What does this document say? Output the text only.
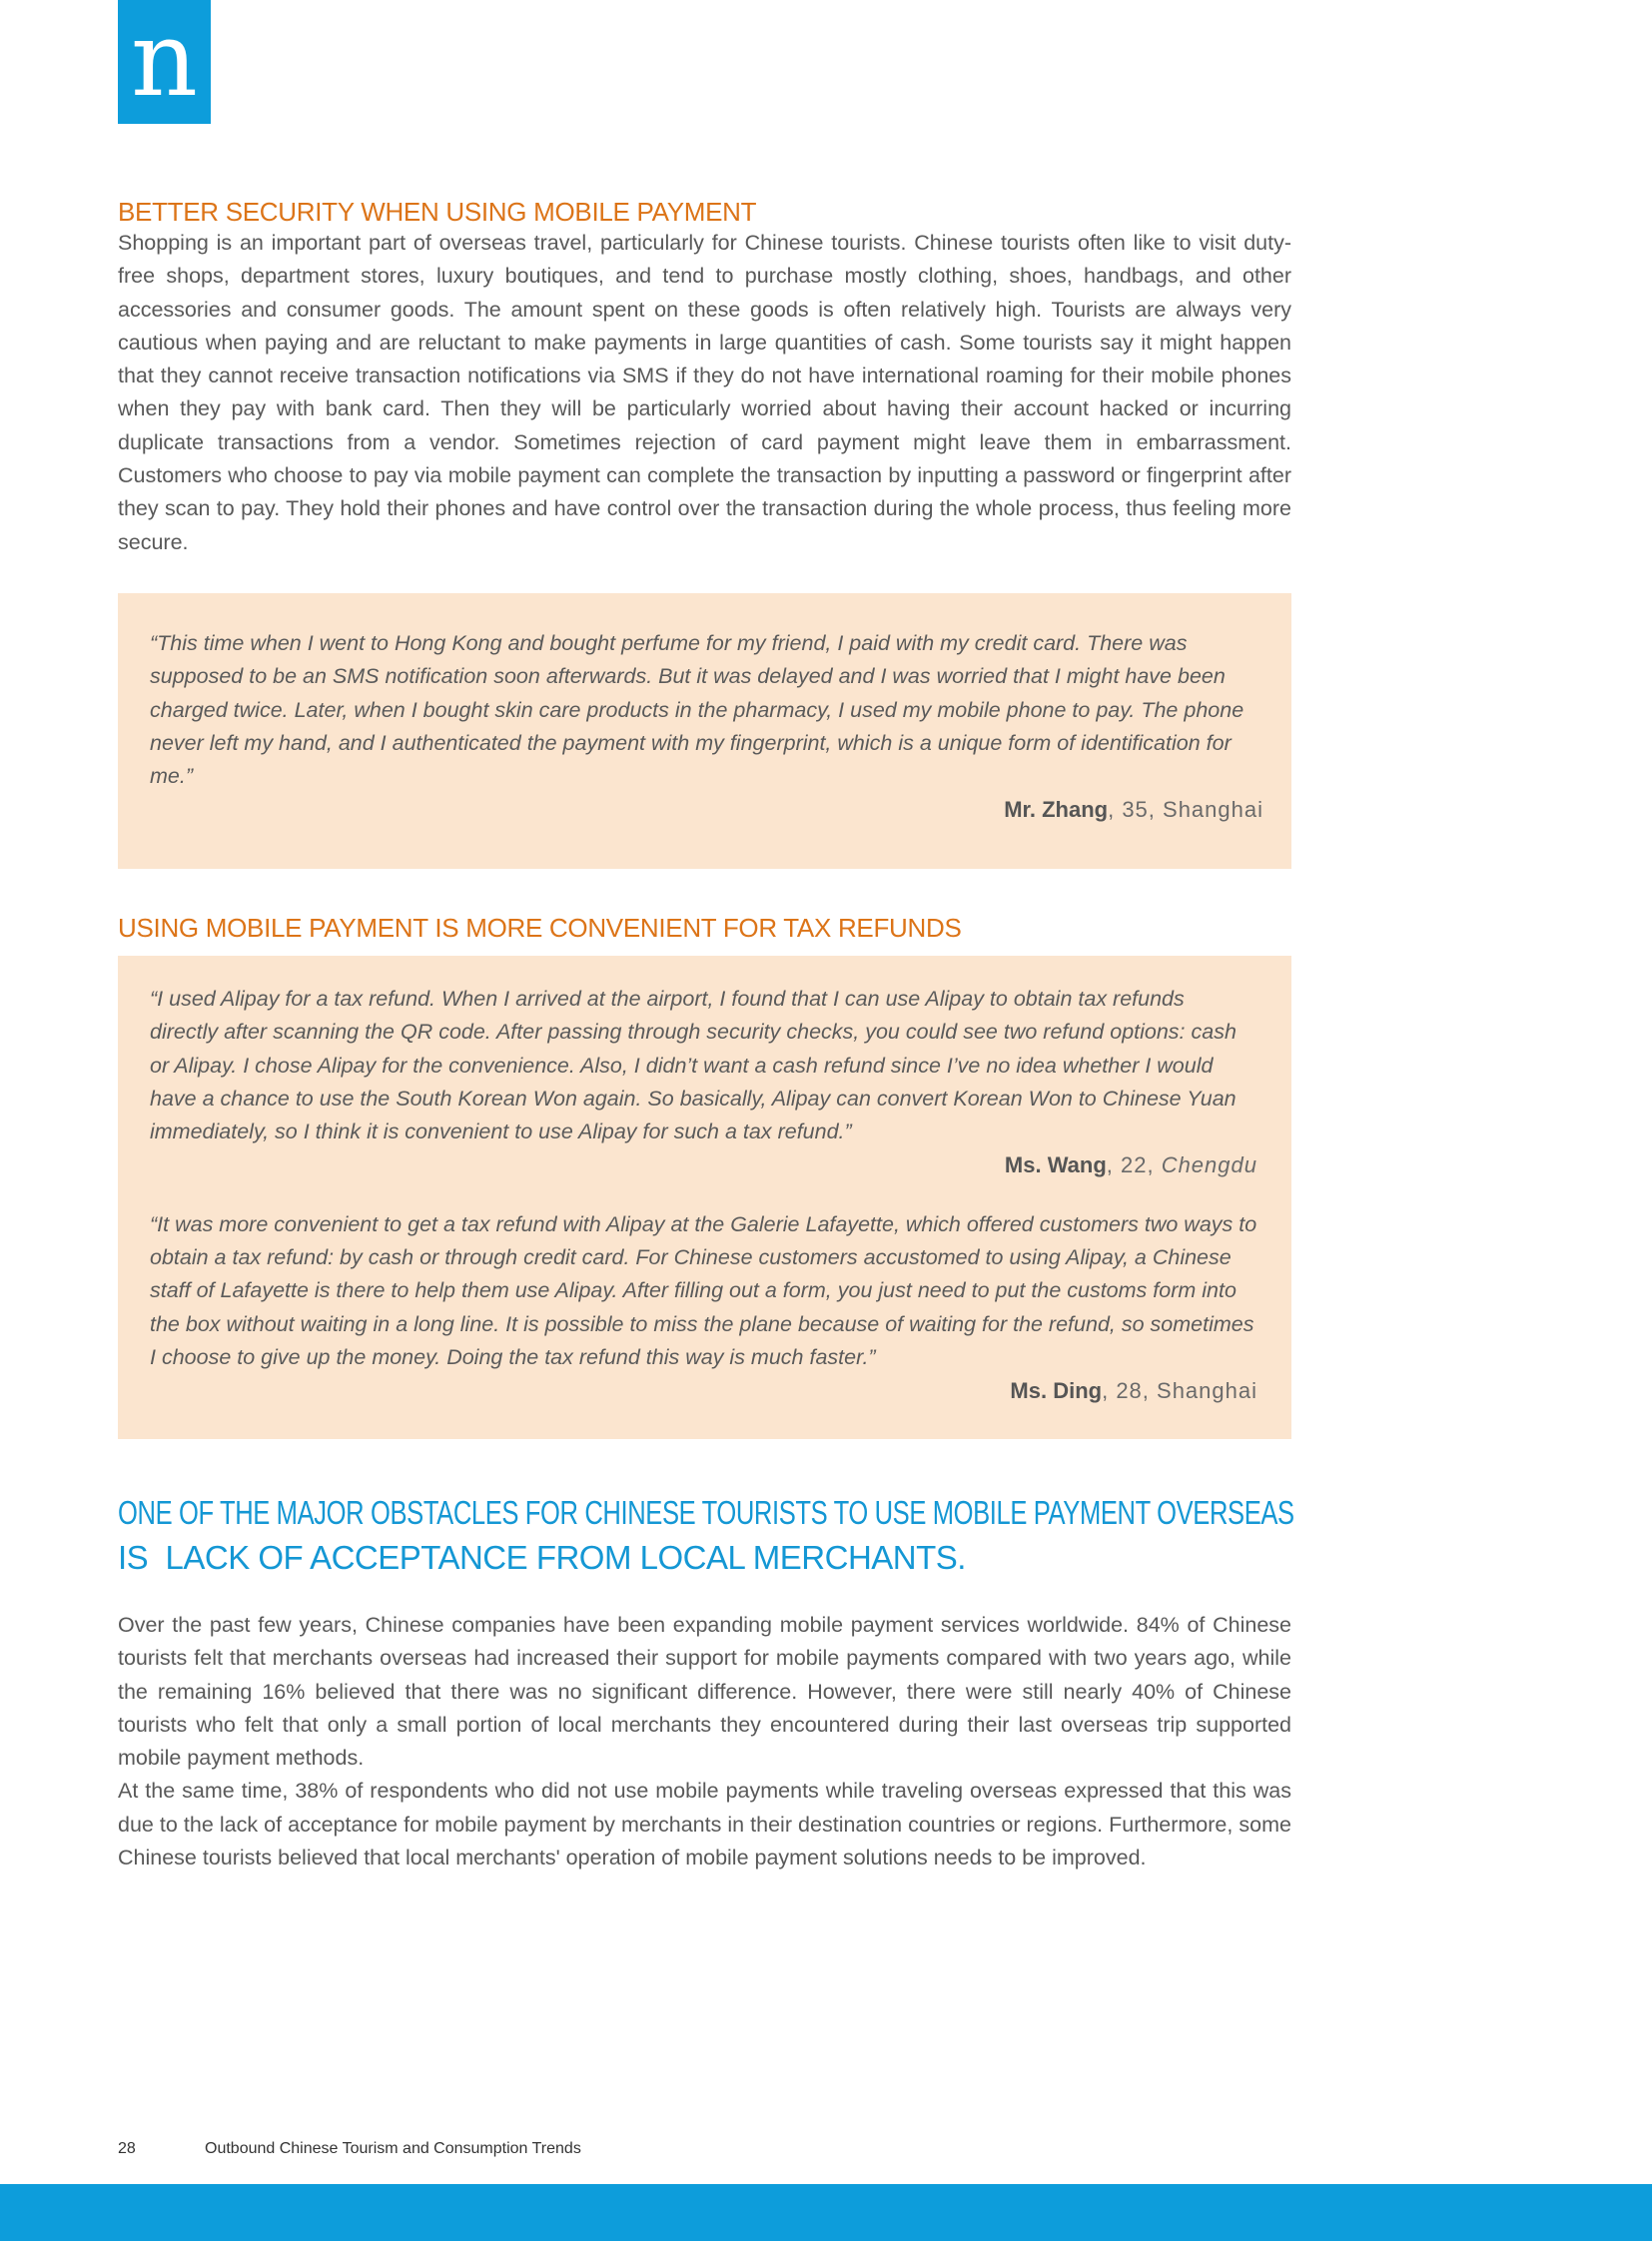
n
BETTER SECURITY WHEN USING MOBILE PAYMENT

Shopping is an important part of overseas travel, particularly for Chinese tourists. Chinese tourists often like to visit duty-free shops, department stores, luxury boutiques, and tend to purchase mostly clothing, shoes, handbags, and other accessories and consumer goods. The amount spent on these goods is often relatively high. Tourists are always very cautious when paying and are reluctant to make payments in large quantities of cash. Some tourists say it might happen that they cannot receive transaction notifications via SMS if they do not have international roaming for their mobile phones when they pay with bank card. Then they will be particularly worried about having their account hacked or incurring duplicate transactions from a vendor. Sometimes rejection of card payment might leave them in embarrassment. Customers who choose to pay via mobile payment can complete the transaction by inputting a password or fingerprint after they scan to pay. They hold their phones and have control over the transaction during the whole process, thus feeling more secure.

“This time when I went to Hong Kong and bought perfume for my friend, I paid with my credit card. There was supposed to be an SMS notification soon afterwards. But it was delayed and I was worried that I might have been charged twice. Later, when I bought skin care products in the pharmacy, I used my mobile phone to pay. The phone never left my hand, and I authenticated the payment with my fingerprint, which is a unique form of identification for me.”

Mr. Zhang, 35, Shanghai

USING MOBILE PAYMENT IS MORE CONVENIENT FOR TAX REFUNDS

“I used Alipay for a tax refund. When I arrived at the airport, I found that I can use Alipay to obtain tax refunds directly after scanning the QR code. After passing through security checks, you could see two refund options: cash or Alipay. I chose Alipay for the convenience. Also, I didn’t want a cash refund since I’ve no idea whether I would have a chance to use the South Korean Won again. So basically, Alipay can convert Korean Won to Chinese Yuan immediately, so I think it is convenient to use Alipay for such a tax refund.”

Ms. Wang, 22, Chengdu

“It was more convenient to get a tax refund with Alipay at the Galerie Lafayette, which offered customers two ways to obtain a tax refund: by cash or through credit card. For Chinese customers accustomed to using Alipay, a Chinese staff of Lafayette is there to help them use Alipay. After filling out a form, you just need to put the customs form into the box without waiting in a long line. It is possible to miss the plane because of waiting for the refund, so sometimes I choose to give up the money. Doing the tax refund this way is much faster.”

Ms. Ding, 28, Shanghai

ONE OF THE MAJOR OBSTACLES FOR CHINESE TOURISTS TO USE MOBILE PAYMENT OVERSEAS IS  LACK OF ACCEPTANCE FROM LOCAL MERCHANTS.

Over the past few years, Chinese companies have been expanding mobile payment services worldwide. 84% of Chinese tourists felt that merchants overseas had increased their support for mobile payments compared with two years ago, while the remaining 16% believed that there was no significant difference. However, there were still nearly 40% of Chinese tourists who felt that only a small portion of local merchants they encountered during their last overseas trip supported mobile payment methods.

At the same time, 38% of respondents who did not use mobile payments while traveling overseas expressed that this was due to the lack of acceptance for mobile payment by merchants in their destination countries or regions. Furthermore, some Chinese tourists believed that local merchants' operation of mobile payment solutions needs to be improved.

28	Outbound Chinese Tourism and Consumption Trends
